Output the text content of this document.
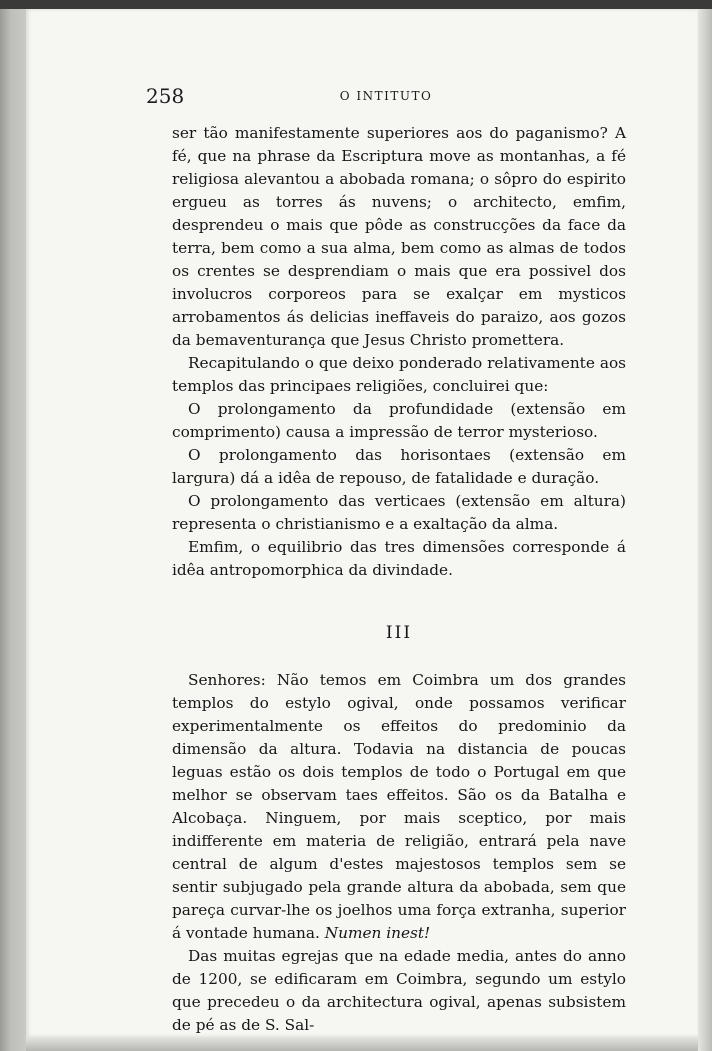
258	O INTITUTO

ser tão manifestamente superiores aos do paganismo? A fé, que na phrase da Escriptura move as montanhas, a fé religiosa alevantou a abobada romana; o sôpro do espirito ergueu as torres ás nuvens; o architecto, emfim, desprendeu o mais que pôde as construcções da face da terra, bem como a sua alma, bem como as almas de todos os crentes se desprendiam o mais que era possivel dos involucros corporeos para se exalçar em mysticos arrobamentos ás delicias ineffaveis do paraizo, aos gozos da bemaventurança que Jesus Christo promettera.

Recapitulando o que deixo ponderado relativamente aos templos das principaes religiões, concluirei que:

O prolongamento da profundidade (extensão em comprimento) causa a impressão de terror mysterioso.

O prolongamento das horisontaes (extensão em largura) dá a idêa de repouso, de fatalidade e duração.

O prolongamento das verticaes (extensão em altura) representa o christianismo e a exaltação da alma.

Emfim, o equilibrio das tres dimensões corresponde á idêa antropomorphica da divindade.

III

Senhores: Não temos em Coimbra um dos grandes templos do estylo ogival, onde possamos verificar experimentalmente os effeitos do predominio da dimensão da altura. Todavia na distancia de poucas leguas estão os dois templos de todo o Portugal em que melhor se observam taes effeitos. São os da Batalha e Alcobaça. Ninguem, por mais sceptico, por mais indifferente em materia de religião, entrará pela nave central de algum d'estes majestosos templos sem se sentir subjugado pela grande altura da abobada, sem que pareça curvar-lhe os joelhos uma força extranha, superior á vontade humana. Numen inest!

Das muitas egrejas que na edade media, antes do anno de 1200, se edificaram em Coimbra, segundo um estylo que precedeu o da architectura ogival, apenas subsistem de pé as de S. Sal-
